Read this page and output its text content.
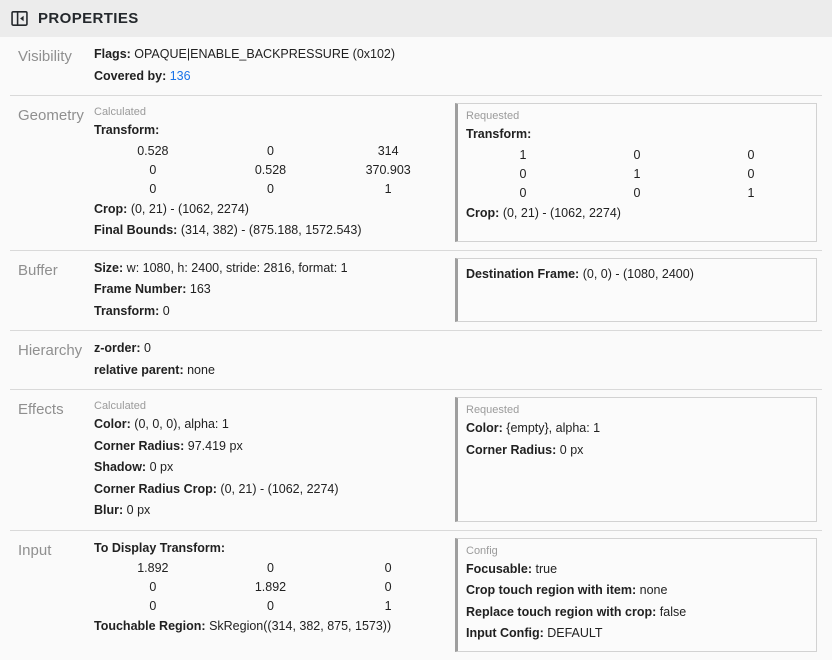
PROPERTIES
Visibility	Flags: OPAQUE|ENABLE_BACKPRESSURE (0x102)

Covered by: 136

Geometry Calculated

Transform:

0.528	0	314
0	0.528	370.903
0	0	1

Crop: (0, 21) - (1062, 2274)

Final Bounds: (314, 382) - (875.188, 1572.543)

Requested

Transform:

1	0	0
0	1	0
0	0	1

Crop: (0, 21) - (1062, 2274)

Buffer	Size: w: 1080, h: 2400, stride: 2816, format: 1

Frame Number: 163

Transform: 0

Destination Frame: (0, 0) - (1080, 2400)

Hierarchy z-order: 0

relative parent: none

Effects	Calculated

Color: (0, 0, 0), alpha: 1

Corner Radius: 97.419 px

Shadow: 0 px

Corner Radius Crop: (0, 21) - (1062, 2274)

Blur: 0 px

Requested

Color: {empty}, alpha: 1

Corner Radius: 0 px

Input	To Display Transform:

1.892	0	0
0	1.892	0
0	0	1

Touchable Region: SkRegion((314, 382, 875, 1573))

Config

Focusable: true

Crop touch region with item: none

Replace touch region with crop: false

Input Config: DEFAULT
